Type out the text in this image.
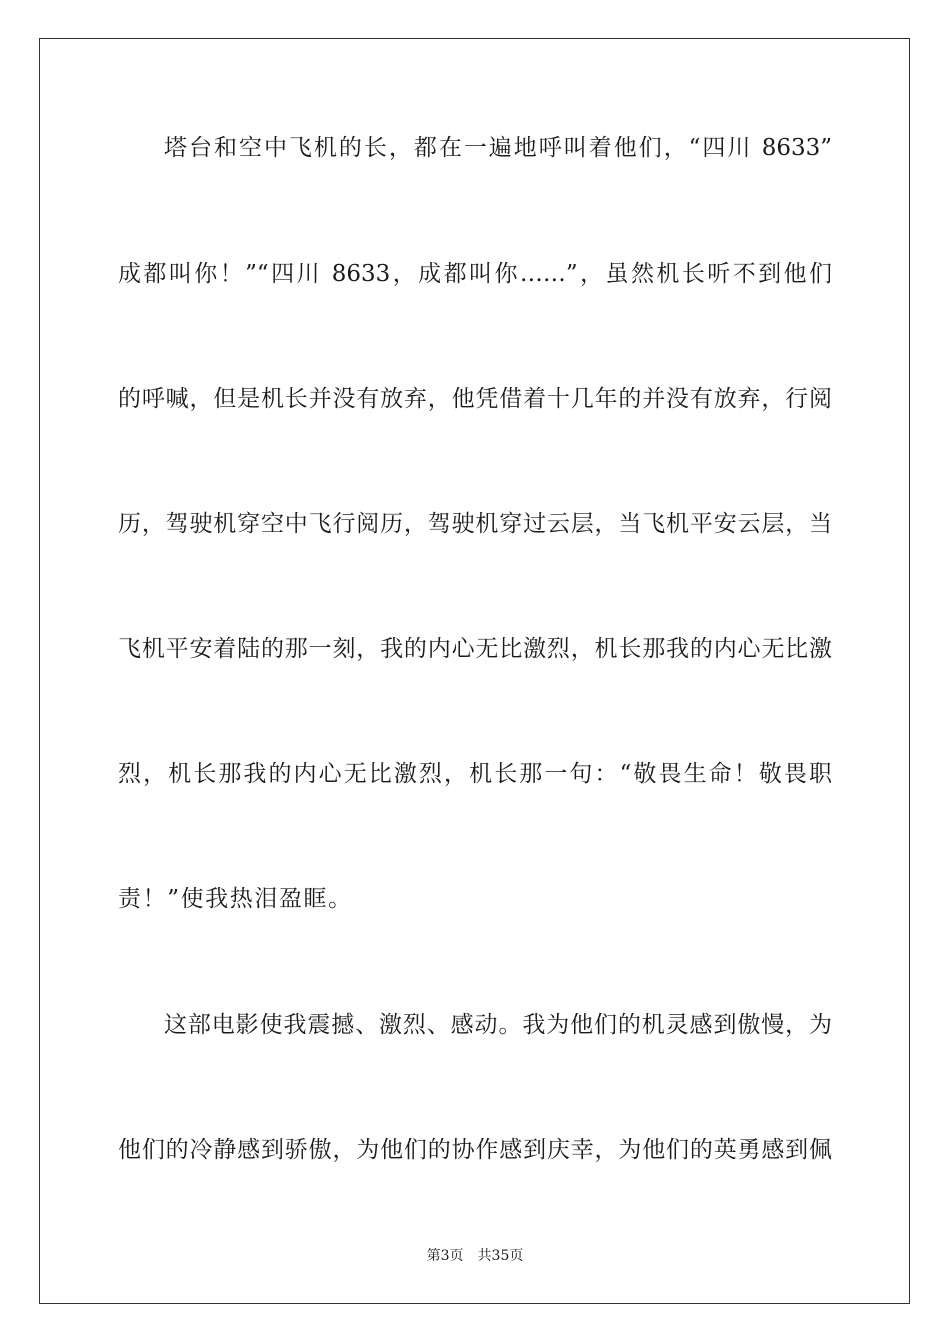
塔台和空中飞机的长，都在一遍地呼叫着他们，“四川 8633”
成都叫你！”“四川 8633，成都叫你……”，虽然机长听不到他们
的呼喊，但是机长并没有放弃，他凭借着十几年的并没有放弃，行阅
历，驾驶机穿空中飞行阅历，驾驶机穿过云层，当飞机平安云层，当
飞机平安着陆的那一刻，我的内心无比激烈，机长那我的内心无比激
烈，机长那我的内心无比激烈，机长那一句：“敬畏生命！敬畏职
责！”使我热泪盈眶。
这部电影使我震撼、激烈、感动。我为他们的机灵感到傲慢，为
他们的冷静感到骄傲，为他们的协作感到庆幸，为他们的英勇感到佩
第3页 共35页
